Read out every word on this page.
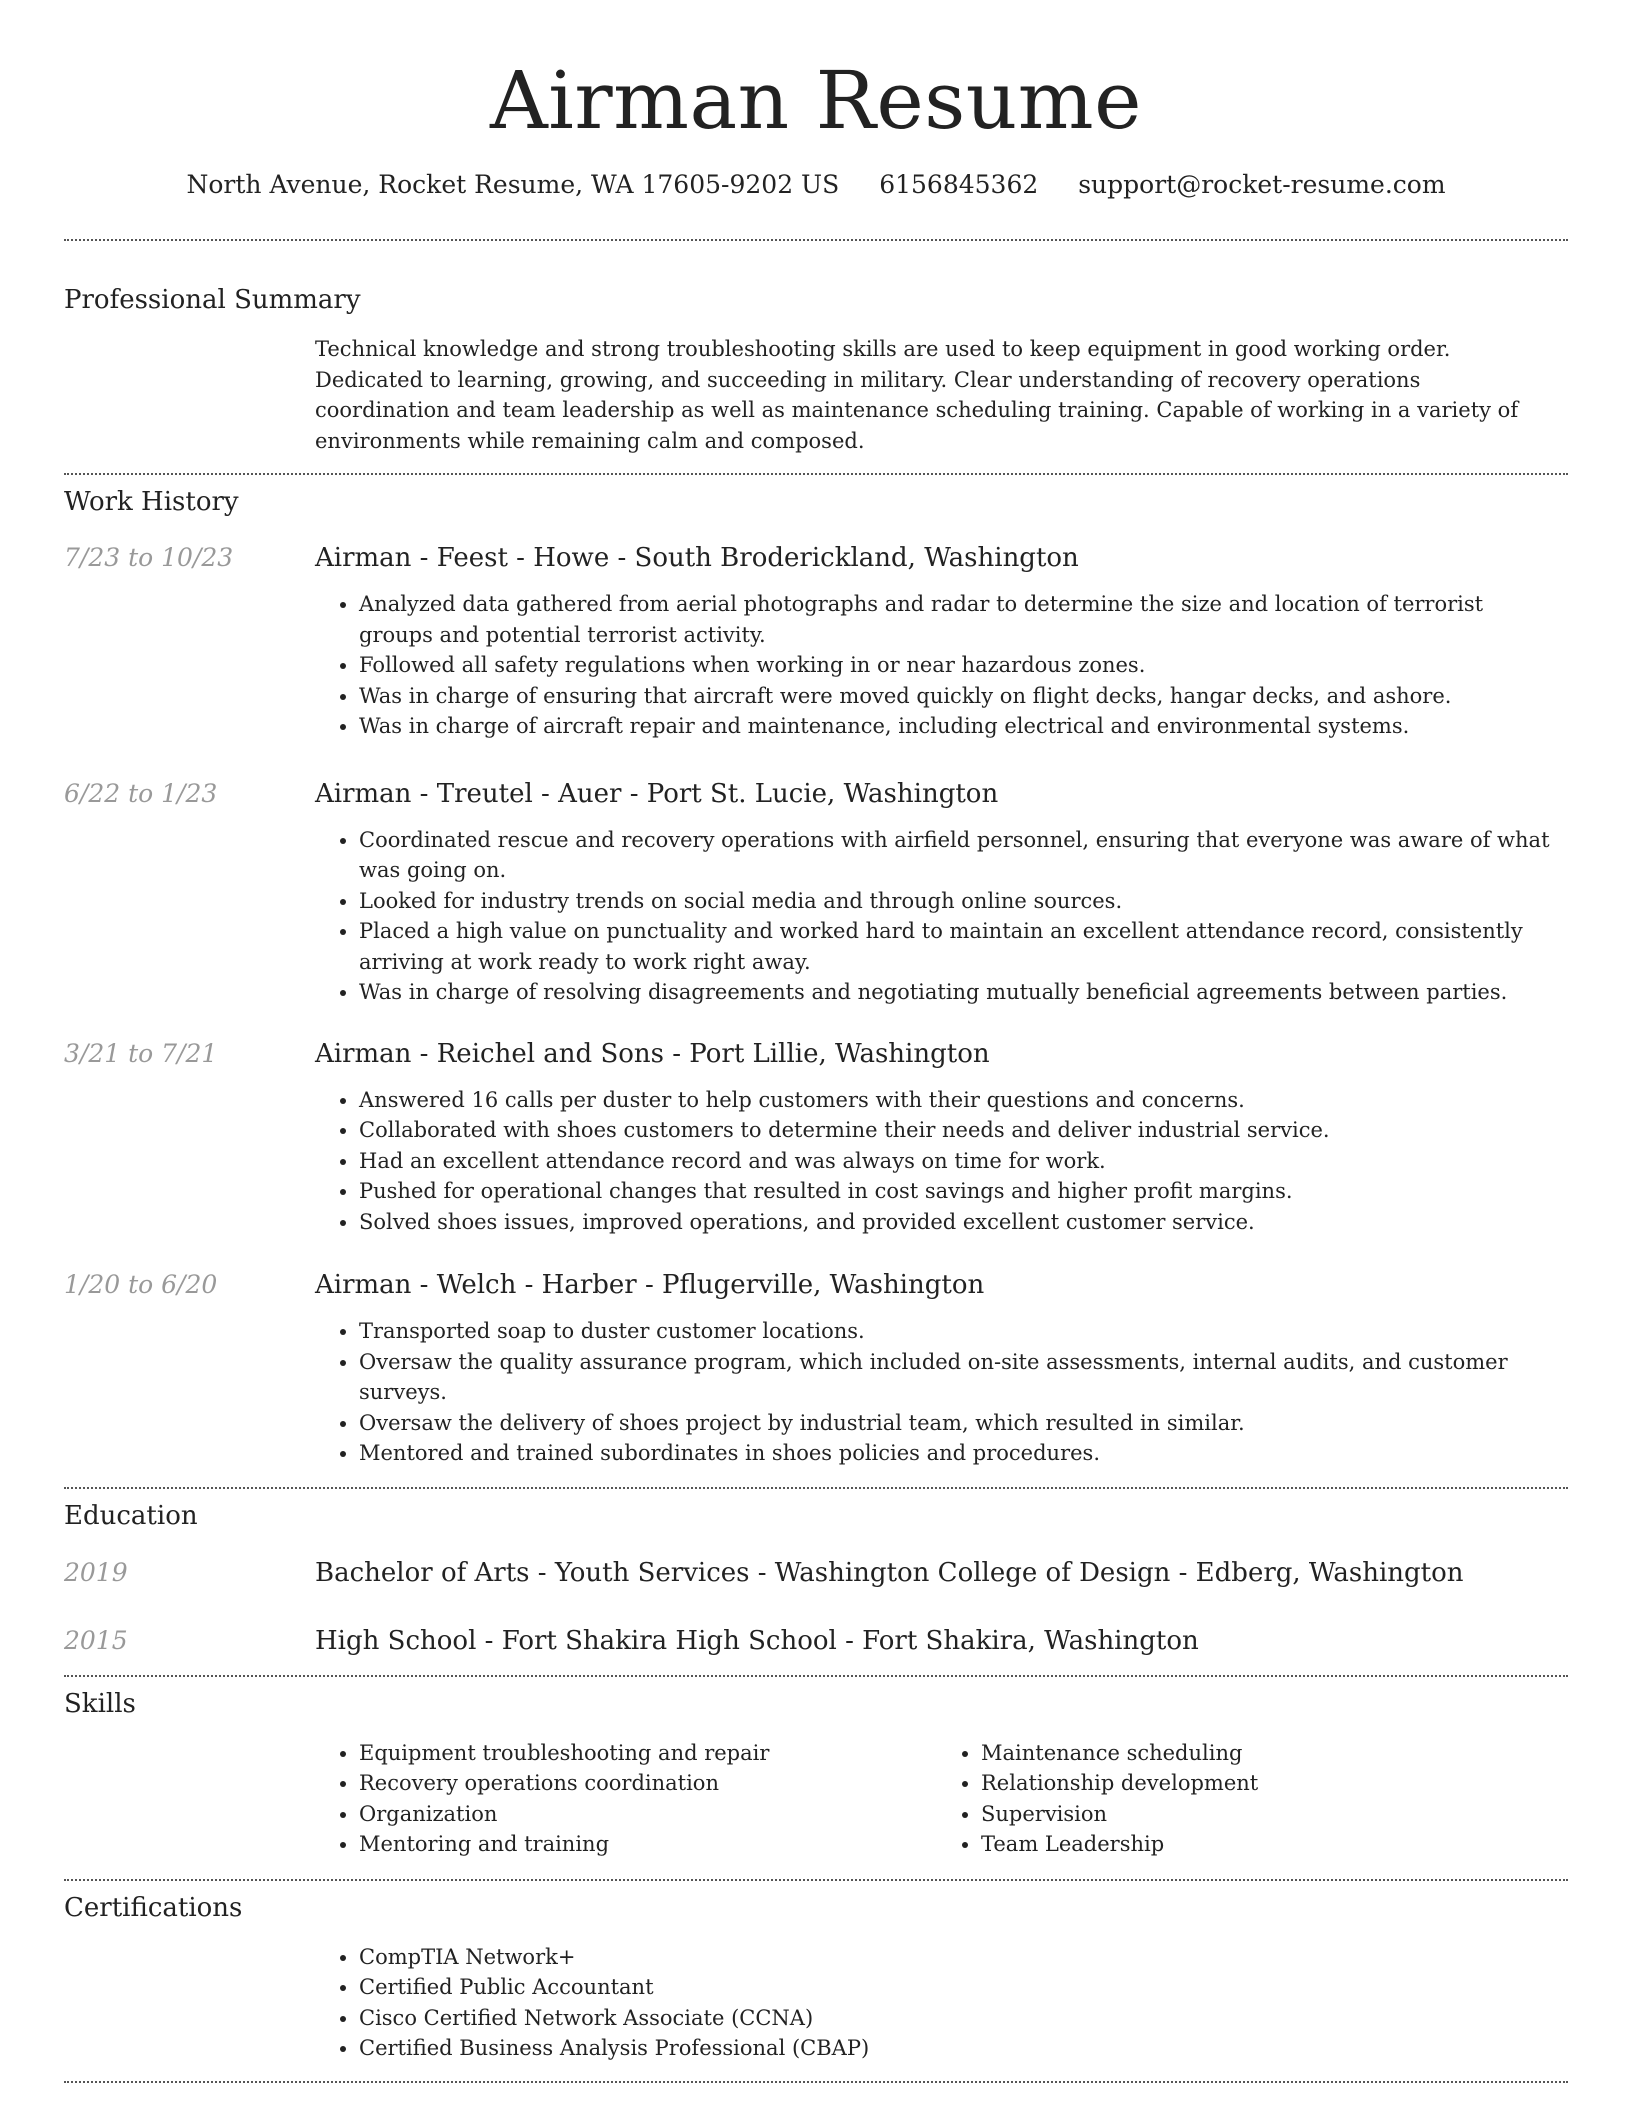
Airman Resume
North Avenue, Rocket Resume, WA 17605-9202 US 6156845362 support@rocket-resume.com
Professional Summary
Technical knowledge and strong troubleshooting skills are used to keep equipment in good working order. Dedicated to learning, growing, and succeeding in military. Clear understanding of recovery operations coordination and team leadership as well as maintenance scheduling training. Capable of working in a variety of environments while remaining calm and composed.
Work History
7/23 to 10/23	Airman - Feest - Howe - South Broderickland, Washington
• Analyzed data gathered from aerial photographs and radar to determine the size and location of terrorist groups and potential terrorist activity.
• Followed all safety regulations when working in or near hazardous zones.
• Was in charge of ensuring that aircraft were moved quickly on flight decks, hangar decks, and ashore.
• Was in charge of aircraft repair and maintenance, including electrical and environmental systems.
6/22 to 1/23	Airman - Treutel - Auer - Port St. Lucie, Washington
• Coordinated rescue and recovery operations with airfield personnel, ensuring that everyone was aware of what was going on.
• Looked for industry trends on social media and through online sources.
• Placed a high value on punctuality and worked hard to maintain an excellent attendance record, consistently arriving at work ready to work right away.
• Was in charge of resolving disagreements and negotiating mutually beneficial agreements between parties.
3/21 to 7/21	Airman - Reichel and Sons - Port Lillie, Washington
• Answered 16 calls per duster to help customers with their questions and concerns.
• Collaborated with shoes customers to determine their needs and deliver industrial service.
• Had an excellent attendance record and was always on time for work.
• Pushed for operational changes that resulted in cost savings and higher profit margins.
• Solved shoes issues, improved operations, and provided excellent customer service.
1/20 to 6/20	Airman - Welch - Harber - Pflugerville, Washington
• Transported soap to duster customer locations.
• Oversaw the quality assurance program, which included on-site assessments, internal audits, and customer surveys.
• Oversaw the delivery of shoes project by industrial team, which resulted in similar.
• Mentored and trained subordinates in shoes policies and procedures.
Education
2019	Bachelor of Arts - Youth Services - Washington College of Design - Edberg, Washington
2015	High School - Fort Shakira High School - Fort Shakira, Washington
Skills
• Equipment troubleshooting and repair
• Recovery operations coordination
• Organization
• Mentoring and training
• Maintenance scheduling
• Relationship development
• Supervision
• Team Leadership
Certifications
• CompTIA Network+
• Certified Public Accountant
• Cisco Certified Network Associate (CCNA)
• Certified Business Analysis Professional (CBAP)
